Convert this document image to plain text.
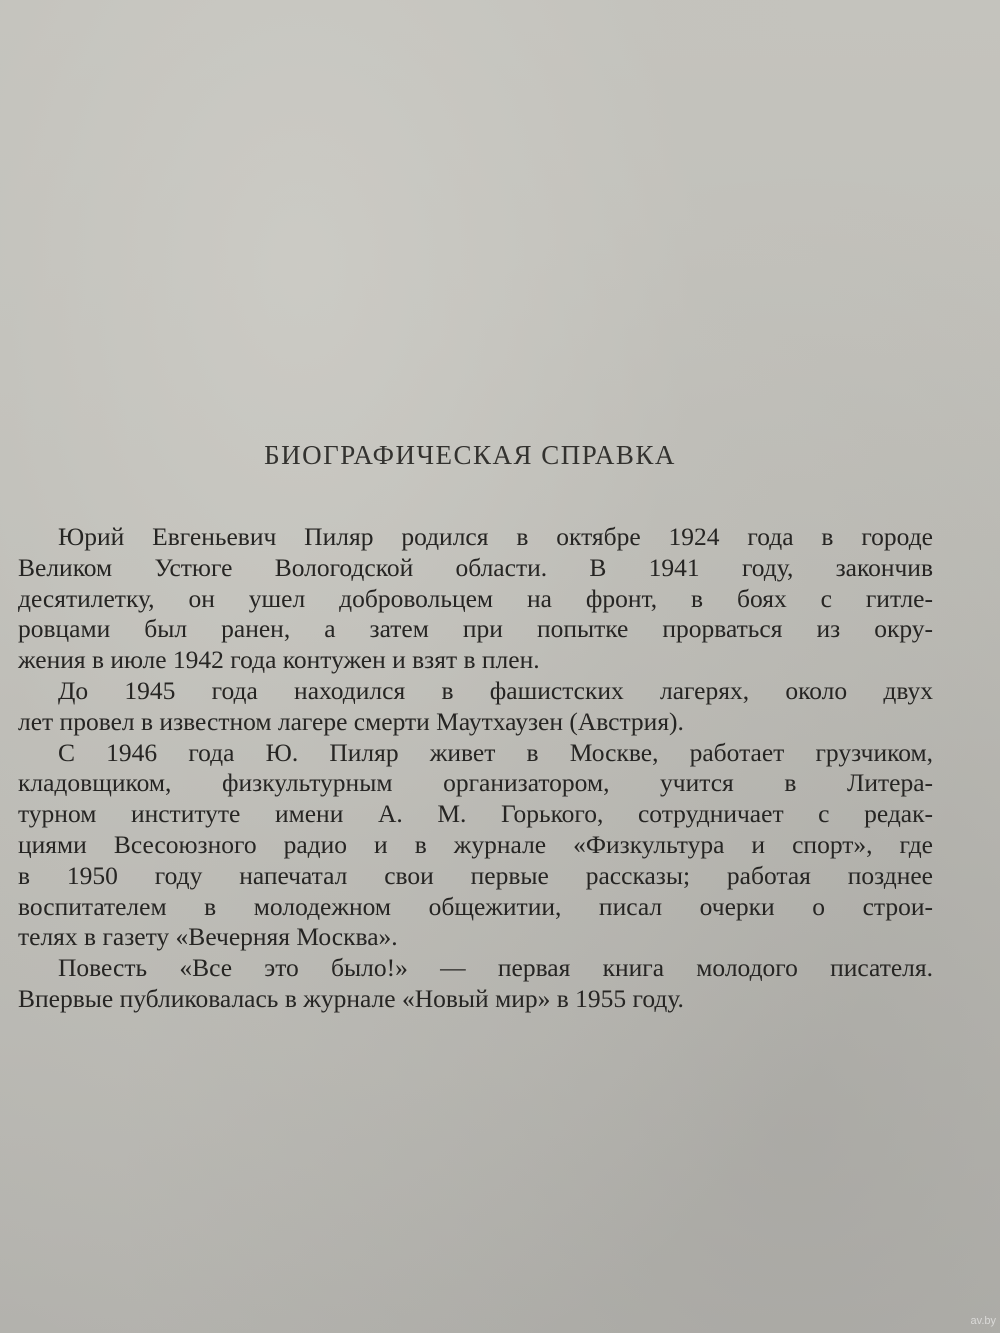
БИОГРАФИЧЕСКАЯ СПРАВКА
Юрий Евгеньевич Пиляр родился в октябре 1924 года в городе
Великом Устюге Вологодской области. В 1941 году, закончив
десятилетку, он ушел добровольцем на фронт, в боях с гитле-
ровцами был ранен, а затем при попытке прорваться из окру-
жения в июле 1942 года контужен и взят в плен.
До 1945 года находился в фашистских лагерях, около двух
лет провел в известном лагере смерти Маутхаузен (Австрия).
С 1946 года Ю. Пиляр живет в Москве, работает грузчиком,
кладовщиком, физкультурным организатором, учится в Литера-
турном институте имени А. М. Горького, сотрудничает с редак-
циями Всесоюзного радио и в журнале «Физкультура и спорт», где
в 1950 году напечатал свои первые рассказы; работая позднее
воспитателем в молодежном общежитии, писал очерки о строи-
телях в газету «Вечерняя Москва».
Повесть «Все это было!» — первая книга молодого писателя.
Впервые публиковалась в журнале «Новый мир» в 1955 году.
av.by
